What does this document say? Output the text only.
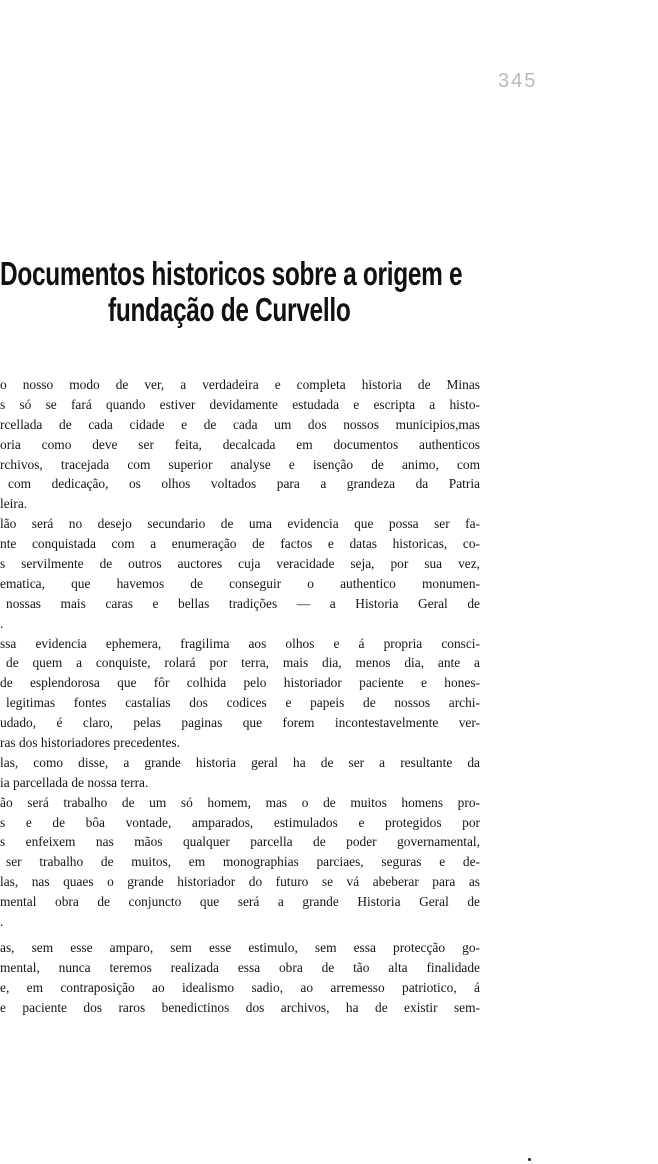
345
Documentos historicos sobre a origem e
fundação de Curvello
o nosso modo de ver, a verdadeira e completa historia de Minas
s só se fará quando estiver devidamente estudada e escripta a histo-
rcellada de cada cidade e de cada um dos nossos municipios,mas
oria como deve ser feita, decalcada em documentos authenticos
rchivos, tracejada com superior analyse e isenção de animo, com
com dedicação, os olhos voltados para a grandeza da Patria
leira.
lão será no desejo secundario de uma evidencia que possa ser fa-
nte conquistada com a enumeração de factos e datas historicas, co-
s servilmente de outros auctores cuja veracidade seja, por sua vez,
ematica, que havemos de conseguir o authentico monumen-
nossas mais caras e bellas tradições — a Historia Geral de
.
ssa evidencia ephemera, fragilima aos olhos e á propria consci-
de quem a conquiste, rolará por terra, mais dia, menos dia, ante a
de esplendorosa que fôr colhida pelo historiador paciente e hones-
legitimas fontes castalias dos codices e papeis de nossos archi-
udado, é claro, pelas paginas que forem incontestavelmente ver-
ras dos historiadores precedentes.
las, como disse, a grande historia geral ha de ser a resultante da
ia parcellada de nossa terra.
ão será trabalho de um só homem, mas o de muitos homens pro-
s e de bôa vontade, amparados, estimulados e protegidos por
s enfeixem nas mãos qualquer parcella de poder governamental,
ser trabalho de muitos, em monographias parciaes, seguras e de-
las, nas quaes o grande historiador do futuro se vá abeberar para as
mental obra de conjuncto que será a grande Historia Geral de
.
as, sem esse amparo, sem esse estimulo, sem essa protecção go-
mental, nunca teremos realizada essa obra de tão alta finalidade
e, em contraposição ao idealismo sadio, ao arremesso patriotico, á
e paciente dos raros benedictinos dos archivos, ha de existir sem-
